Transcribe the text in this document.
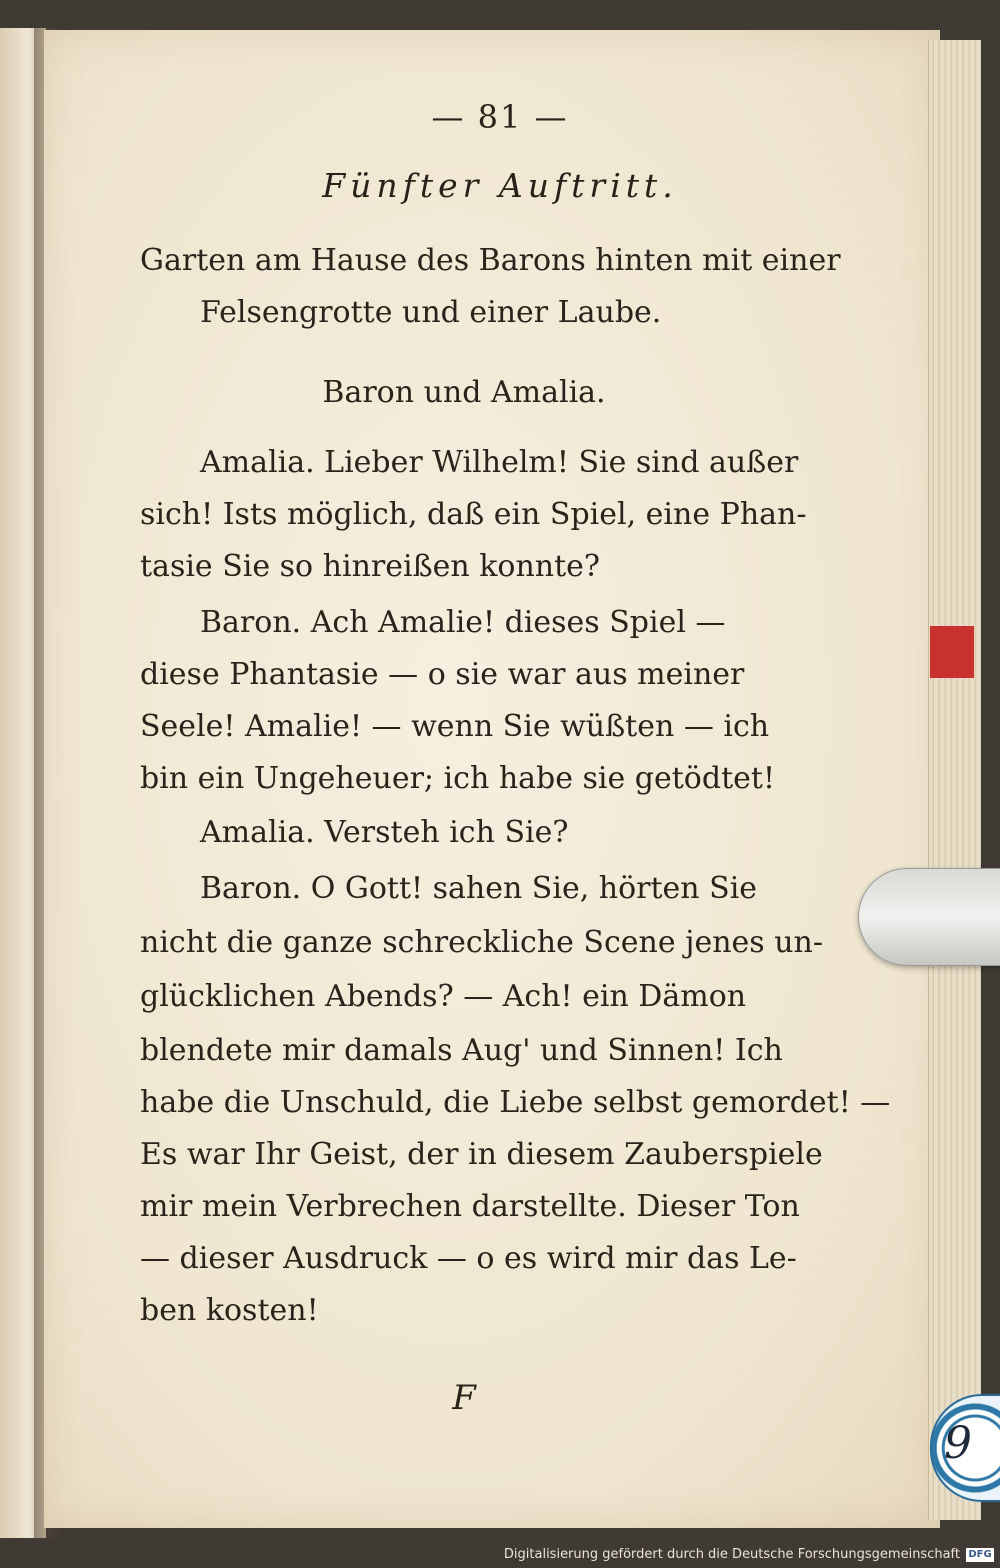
9
— 81 —
Fünfter Auftritt.
Garten am Hause des Barons hinten mit einer
Felsengrotte und einer Laube.
Baron und Amalia.
Amalia. Lieber Wilhelm! Sie sind außer
sich! Ists möglich, daß ein Spiel, eine Phan-
tasie Sie so hinreißen konnte?
Baron. Ach Amalie! dieses Spiel —
diese Phantasie — o sie war aus meiner
Seele! Amalie! — wenn Sie wüßten — ich
bin ein Ungeheuer; ich habe sie getödtet!
Amalia. Versteh ich Sie?
Baron. O Gott! sahen Sie, hörten Sie
nicht die ganze schreckliche Scene jenes un-
glücklichen Abends? — Ach! ein Dämon
blendete mir damals Aug' und Sinnen! Ich
habe die Unschuld, die Liebe selbst gemordet! —
Es war Ihr Geist, der in diesem Zauberspiele
mir mein Verbrechen darstellte. Dieser Ton
— dieser Ausdruck — o es wird mir das Le-
ben kosten!
F
Digitalisierung gefördert durch die Deutsche Forschungsgemeinschaft DFG
